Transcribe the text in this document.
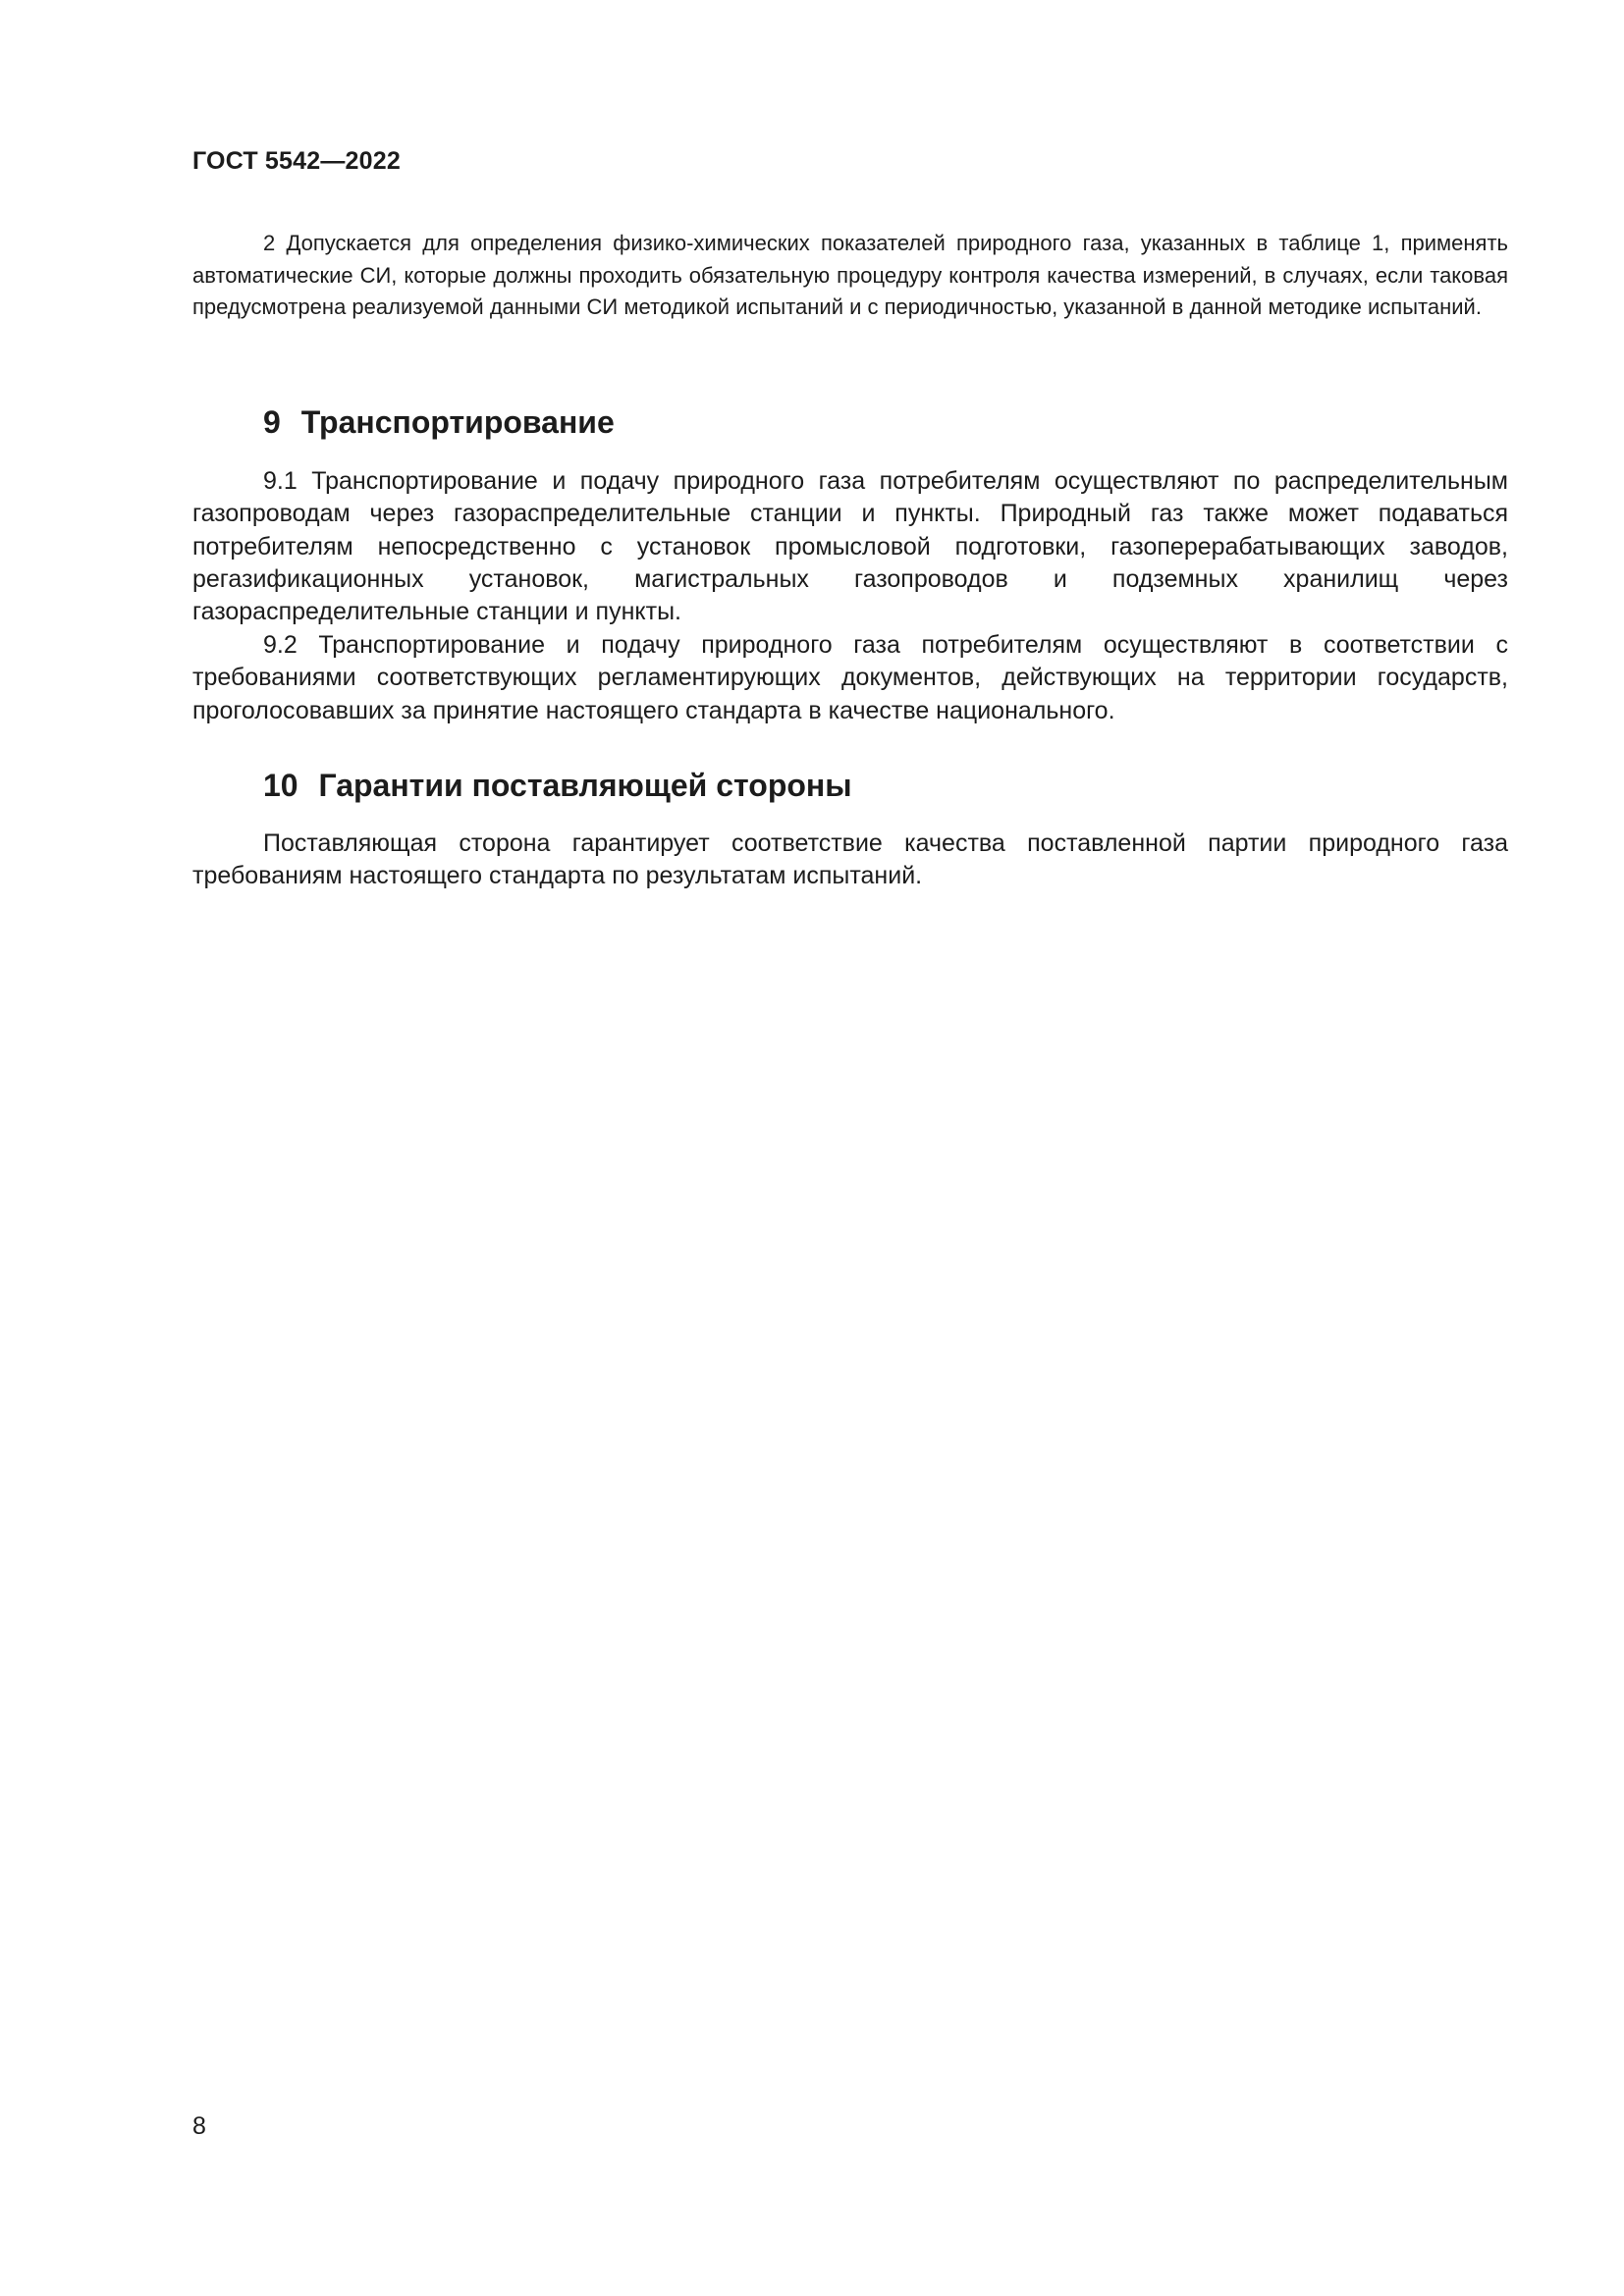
ГОСТ 5542—2022

2 Допускается для определения физико-химических показателей природного газа, указанных в таблице 1, применять автоматические СИ, которые должны проходить обязательную процедуру контроля качества измерений, в случаях, если таковая предусмотрена реализуемой данными СИ методикой испытаний и с периодичностью, указанной в данной методике испытаний.

9 Транспортирование

9.1 Транспортирование и подачу природного газа потребителям осуществляют по распределительным газопроводам через газораспределительные станции и пункты. Природный газ также может подаваться потребителям непосредственно с установок промысловой подготовки, газоперерабатывающих заводов, регазификационных установок, магистральных газопроводов и подземных хранилищ через газораспределительные станции и пункты.

9.2 Транспортирование и подачу природного газа потребителям осуществляют в соответствии с требованиями соответствующих регламентирующих документов, действующих на территории государств, проголосовавших за принятие настоящего стандарта в качестве национального.

10 Гарантии поставляющей стороны

Поставляющая сторона гарантирует соответствие качества поставленной партии природного газа требованиям настоящего стандарта по результатам испытаний.

8
